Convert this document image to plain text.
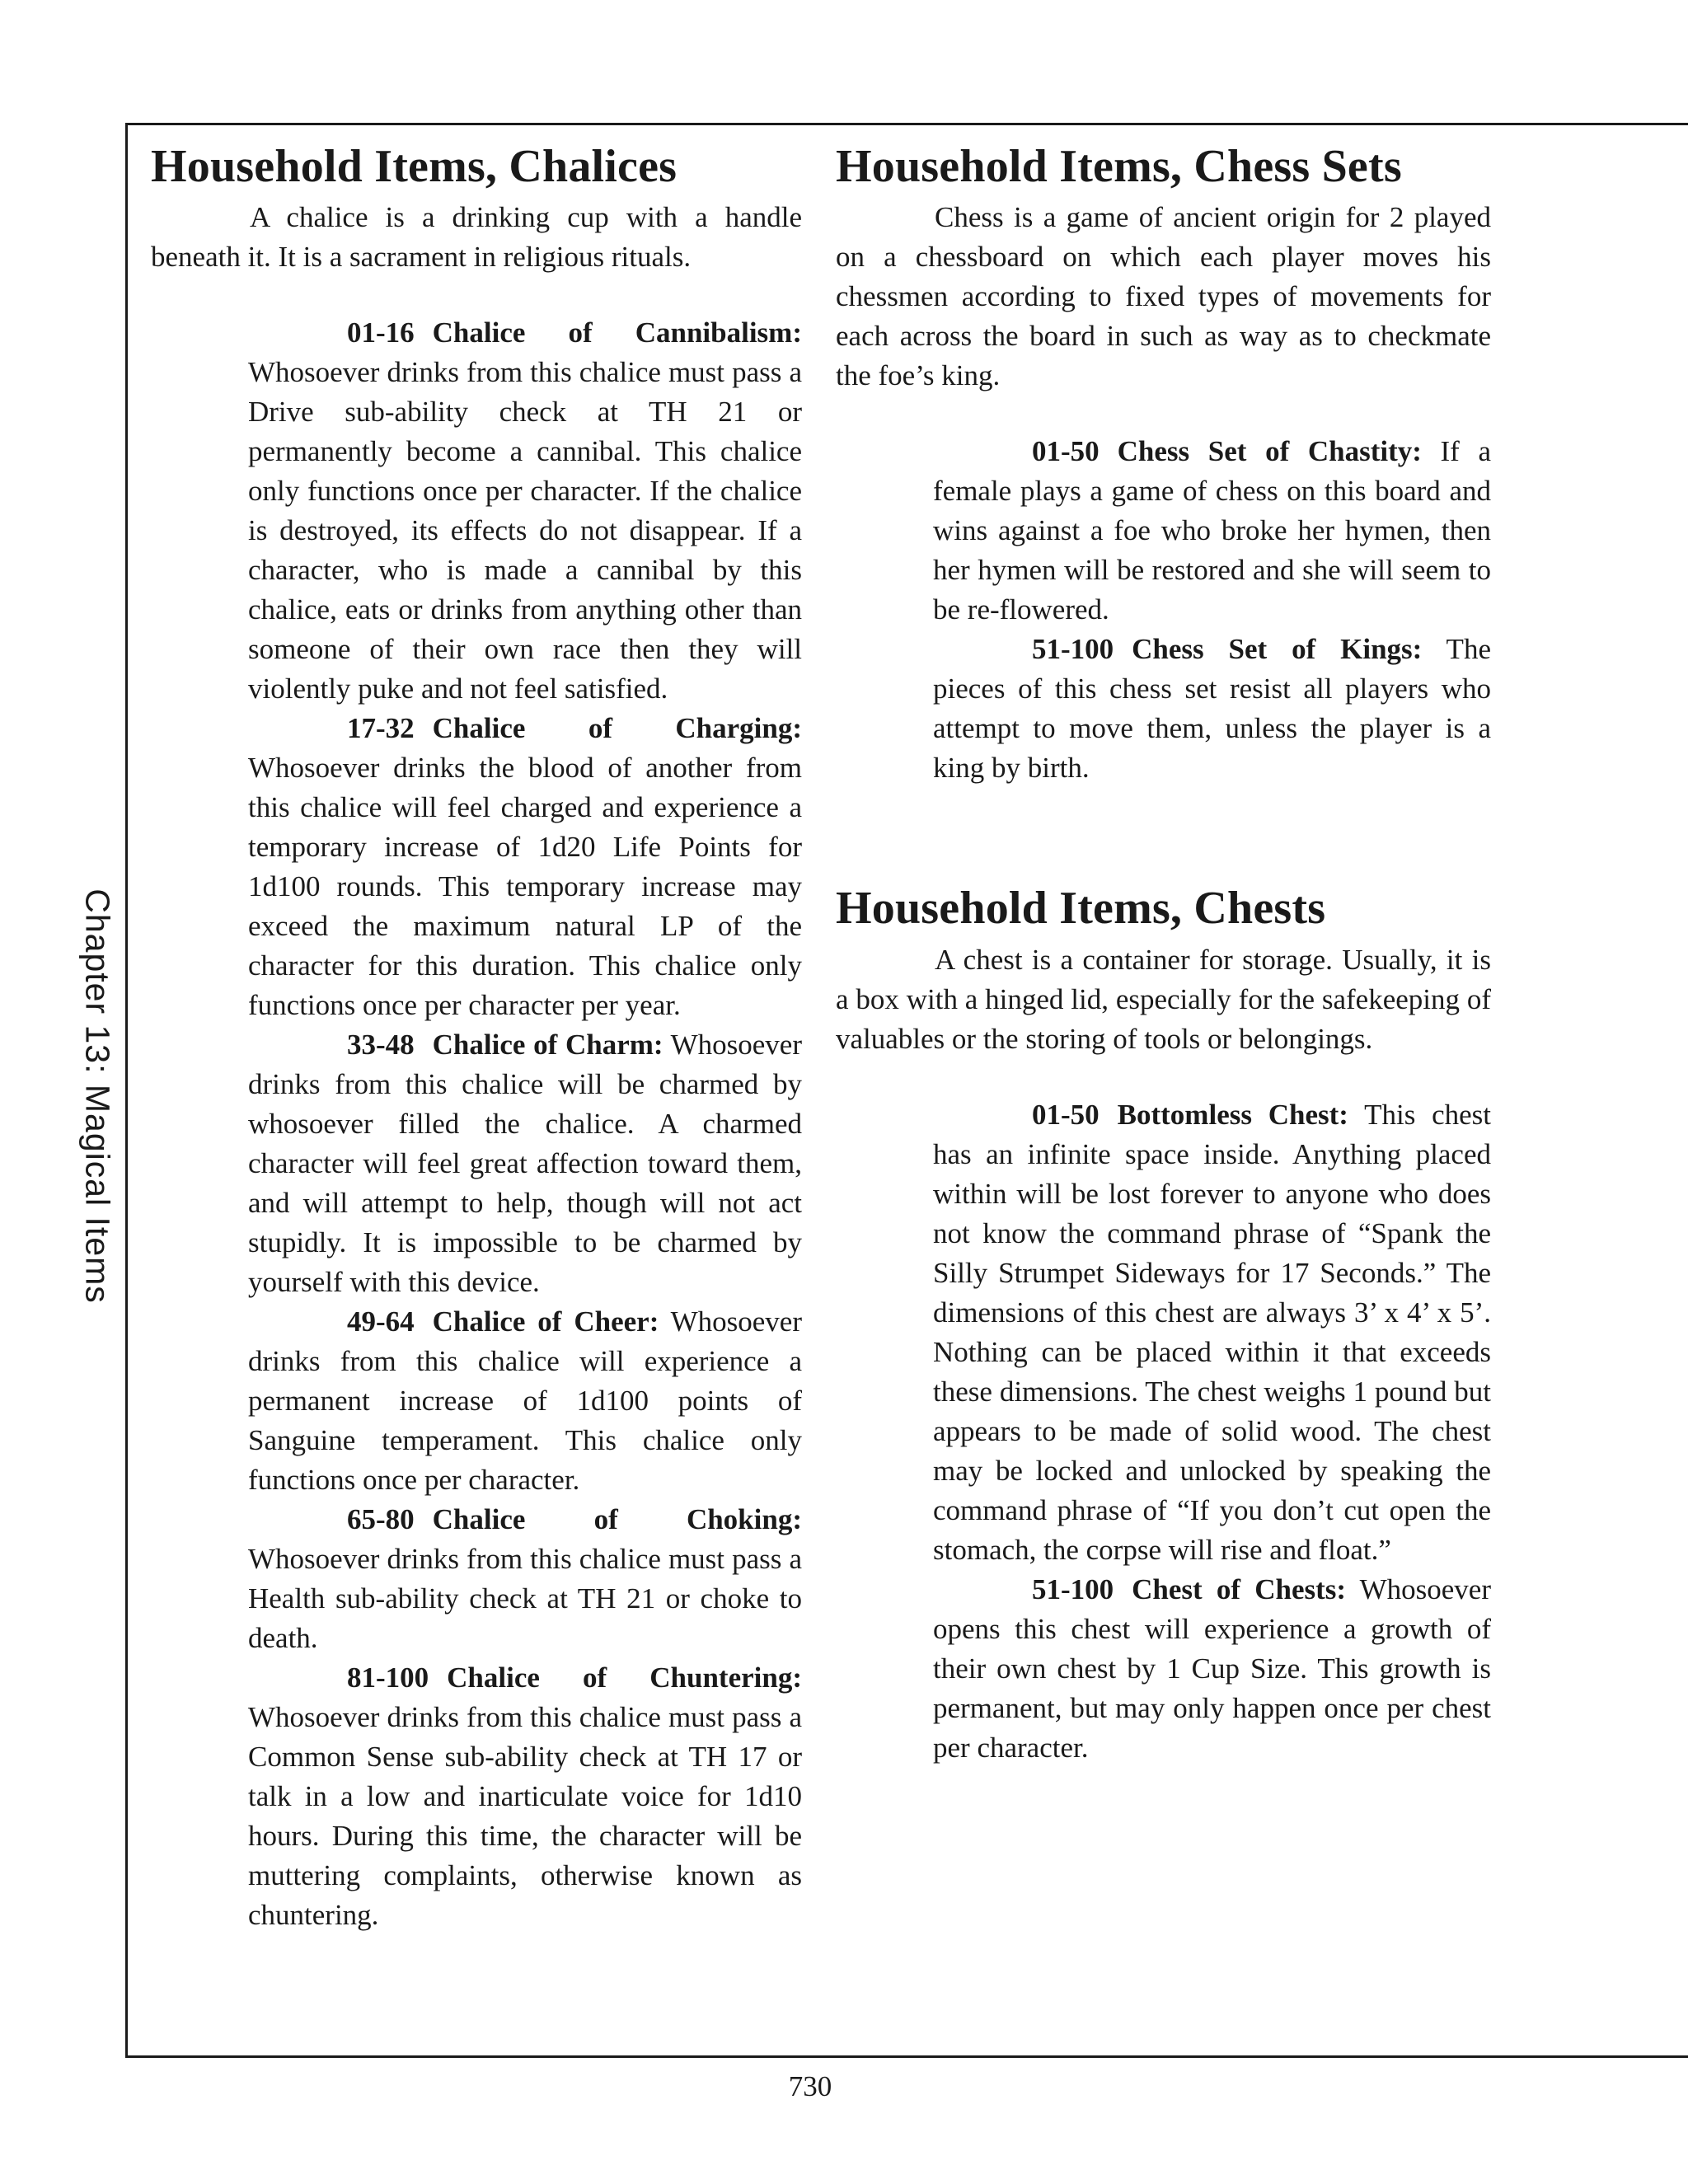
Chapter 13: Magical Items
Household Items, Chalices

A chalice is a drinking cup with a handle beneath it. It is a sacrament in religious rituals.

01-16 Chalice of Cannibalism: Whosoever drinks from this chalice must pass a Drive sub-ability check at TH 21 or permanently become a cannibal. This chalice only functions once per character. If the chalice is destroyed, its effects do not disappear. If a character, who is made a cannibal by this chalice, eats or drinks from anything other than someone of their own race then they will violently puke and not feel satisfied.

17-32 Chalice of Charging: Whosoever drinks the blood of another from this chalice will feel charged and experience a temporary increase of 1d20 Life Points for 1d100 rounds. This temporary increase may exceed the maximum natural LP of the character for this duration. This chalice only functions once per character per year.

33-48 Chalice of Charm: Whosoever drinks from this chalice will be charmed by whosoever filled the chalice. A charmed character will feel great affection toward them, and will attempt to help, though will not act stupidly. It is impossible to be charmed by yourself with this device.

49-64 Chalice of Cheer: Whosoever drinks from this chalice will experience a permanent increase of 1d100 points of Sanguine temperament. This chalice only functions once per character.

65-80 Chalice of Choking: Whosoever drinks from this chalice must pass a Health sub-ability check at TH 21 or choke to death.

81-100 Chalice of Chuntering: Whosoever drinks from this chalice must pass a Common Sense sub-ability check at TH 17 or talk in a low and inarticulate voice for 1d10 hours. During this time, the character will be muttering complaints, otherwise known as chuntering.

Household Items, Chess Sets

Chess is a game of ancient origin for 2 played on a chessboard on which each player moves his chessmen according to fixed types of movements for each across the board in such as way as to checkmate the foe’s king.

01-50 Chess Set of Chastity: If a female plays a game of chess on this board and wins against a foe who broke her hymen, then her hymen will be restored and she will seem to be re-flowered.

51-100 Chess Set of Kings: The pieces of this chess set resist all players who attempt to move them, unless the player is a king by birth.

Household Items, Chests

A chest is a container for storage. Usually, it is a box with a hinged lid, especially for the safekeeping of valuables or the storing of tools or belongings.

01-50 Bottomless Chest: This chest has an infinite space inside. Anything placed within will be lost forever to anyone who does not know the command phrase of “Spank the Silly Strumpet Sideways for 17 Seconds.” The dimensions of this chest are always 3’ x 4’ x 5’. Nothing can be placed within it that exceeds these dimensions. The chest weighs 1 pound but appears to be made of solid wood. The chest may be locked and unlocked by speaking the command phrase of “If you don’t cut open the stomach, the corpse will rise and float.”

51-100 Chest of Chests: Whosoever opens this chest will experience a growth of their own chest by 1 Cup Size. This growth is permanent, but may only happen once per chest per character.

730
